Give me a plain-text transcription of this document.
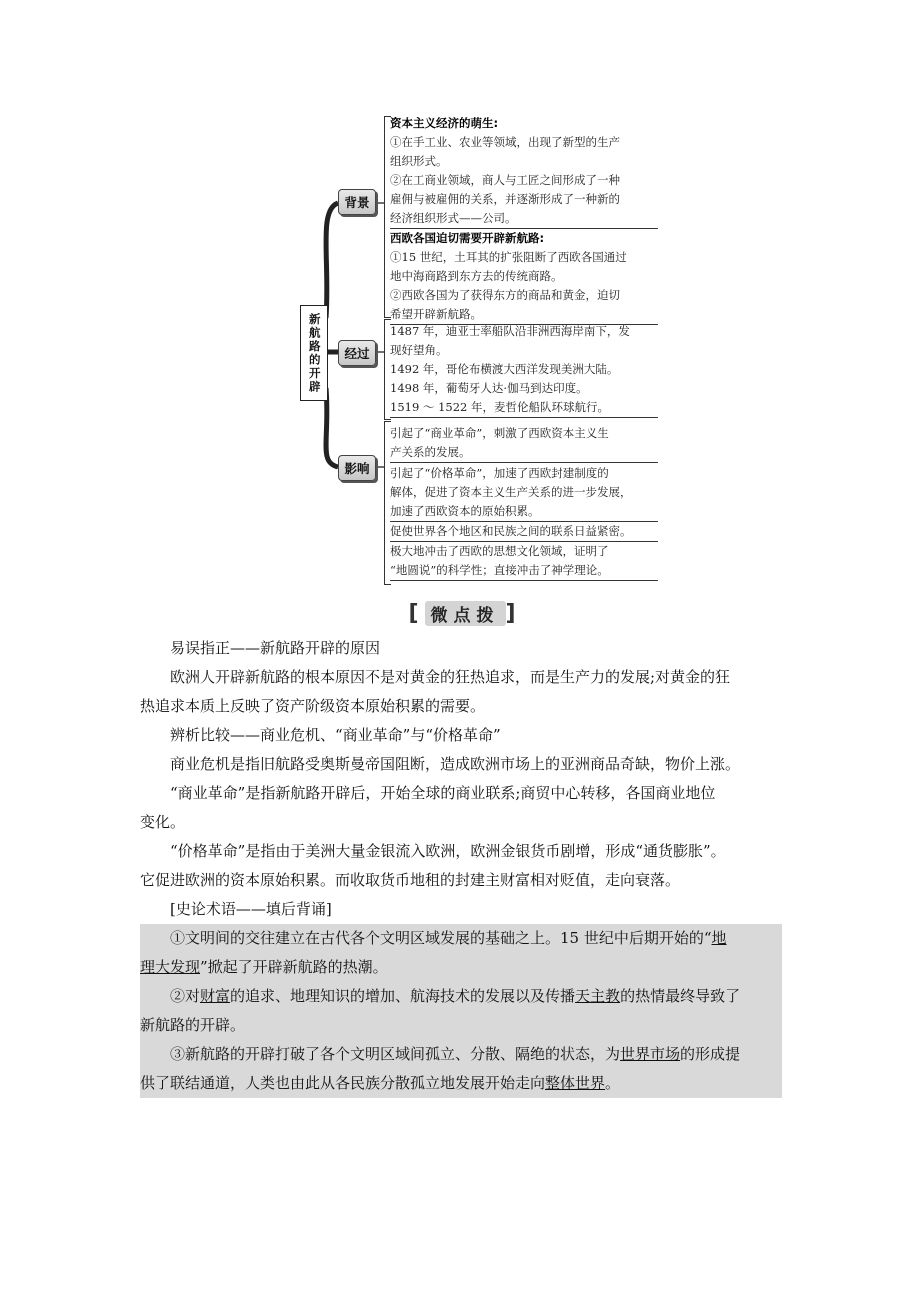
新航路的开辟
背景
经过
影响

资本主义经济的萌生:

①在手工业、农业等领域，出现了新型的生产

组织形式。

②在工商业领域，商人与工匠之间形成了一种

雇佣与被雇佣的关系，并逐渐形成了一种新的

经济组织形式——公司。

西欧各国迫切需要开辟新航路:

①15 世纪，土耳其的扩张阻断了西欧各国通过

地中海商路到东方去的传统商路。

②西欧各国为了获得东方的商品和黄金，迫切

希望开辟新航路。

1487 年，迪亚士率船队沿非洲西海岸南下，发

现好望角。

1492 年，哥伦布横渡大西洋发现美洲大陆。

1498 年，葡萄牙人达·伽马到达印度。

1519 ～ 1522 年，麦哲伦船队环球航行。

引起了“商业革命”，刺激了西欧资本主义生

产关系的发展。

引起了“价格革命”，加速了西欧封建制度的

解体，促进了资本主义生产关系的进一步发展，

加速了西欧资本的原始积累。

促使世界各个地区和民族之间的联系日益紧密。

极大地冲击了西欧的思想文化领域，证明了

“地圆说”的科学性；直接冲击了神学理论。

[ 微点拨 ]

易误指正——新航路开辟的原因

欧洲人开辟新航路的根本原因不是对黄金的狂热追求，而是生产力的发展;对黄金的狂

热追求本质上反映了资产阶级资本原始积累的需要。

辨析比较——商业危机、“商业革命”与“价格革命”

商业危机是指旧航路受奥斯曼帝国阻断，造成欧洲市场上的亚洲商品奇缺，物价上涨。

“商业革命”是指新航路开辟后，开始全球的商业联系;商贸中心转移，各国商业地位

变化。

“价格革命”是指由于美洲大量金银流入欧洲，欧洲金银货币剧增，形成“通货膨胀”。

它促进欧洲的资本原始积累。而收取货币地租的封建主财富相对贬值，走向衰落。

[史论术语——填后背诵]

①文明间的交往建立在古代各个文明区域发展的基础之上。15 世纪中后期开始的“地

理大发现”掀起了开辟新航路的热潮。

②对财富的追求、地理知识的增加、航海技术的发展以及传播天主教的热情最终导致了

新航路的开辟。

③新航路的开辟打破了各个文明区域间孤立、分散、隔绝的状态，为世界市场的形成提

供了联结通道，人类也由此从各民族分散孤立地发展开始走向整体世界。
